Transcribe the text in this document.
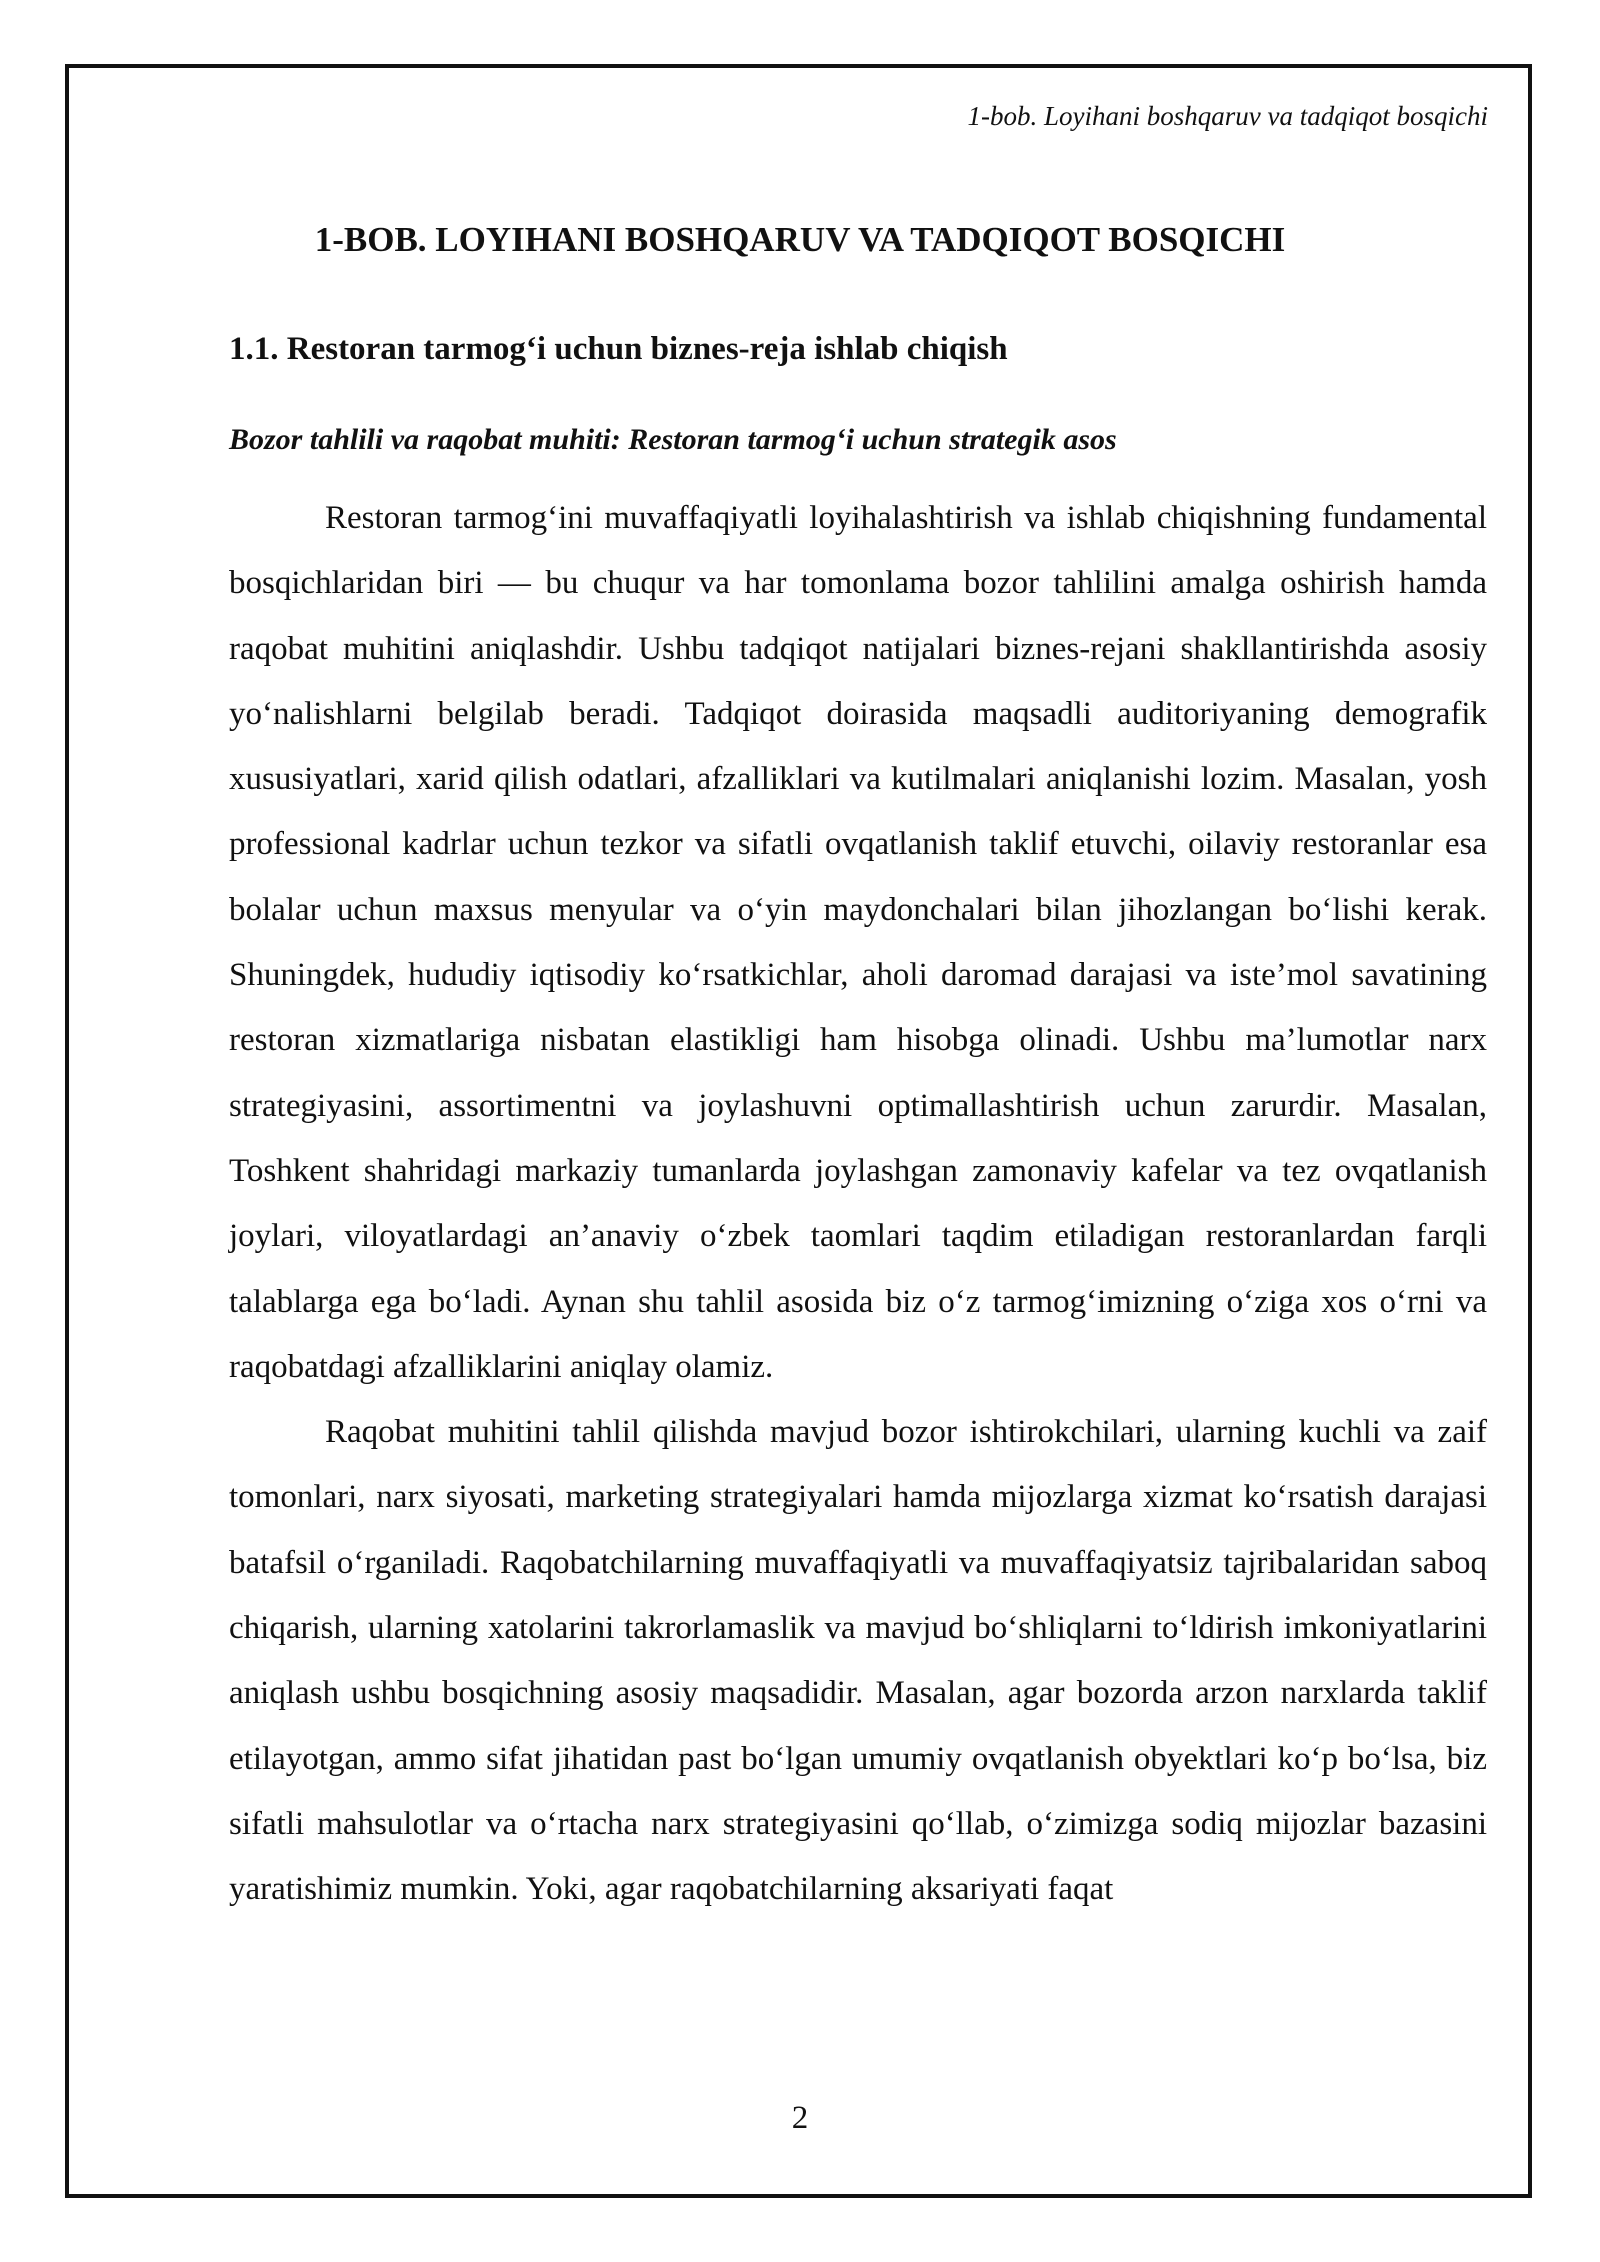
1-bob. Loyihani boshqaruv va tadqiqot bosqichi
1-BOB. LOYIHANI BOSHQARUV VA TADQIQOT BOSQICHI
1.1. Restoran tarmog‘i uchun biznes-reja ishlab chiqish
Bozor tahlili va raqobat muhiti: Restoran tarmog‘i uchun strategik asos

Restoran tarmog‘ini muvaffaqiyatli loyihalashtirish va ishlab chiqishning fundamental bosqichlaridan biri — bu chuqur va har tomonlama bozor tahlilini amalga oshirish hamda raqobat muhitini aniqlashdir. Ushbu tadqiqot natijalari biznes-rejani shakllantirishda asosiy yo‘nalishlarni belgilab beradi. Tadqiqot doirasida maqsadli auditoriyaning demografik xususiyatlari, xarid qilish odatlari, afzalliklari va kutilmalari aniqlanishi lozim. Masalan, yosh professional kadrlar uchun tezkor va sifatli ovqatlanish taklif etuvchi, oilaviy restoranlar esa bolalar uchun maxsus menyular va o‘yin maydonchalari bilan jihozlangan bo‘lishi kerak. Shuningdek, hududiy iqtisodiy ko‘rsatkichlar, aholi daromad darajasi va iste’mol savatining restoran xizmatlariga nisbatan elastikligi ham hisobga olinadi. Ushbu ma’lumotlar narx strategiyasini, assortimentni va joylashuvni optimallashtirish uchun zarurdir. Masalan, Toshkent shahridagi markaziy tumanlarda joylashgan zamonaviy kafelar va tez ovqatlanish joylari, viloyatlardagi an’anaviy o‘zbek taomlari taqdim etiladigan restoranlardan farqli talablarga ega bo‘ladi. Aynan shu tahlil asosida biz o‘z tarmog‘imizning o‘ziga xos o‘rni va raqobatdagi afzalliklarini aniqlay olamiz.

Raqobat muhitini tahlil qilishda mavjud bozor ishtirokchilari, ularning kuchli va zaif tomonlari, narx siyosati, marketing strategiyalari hamda mijozlarga xizmat ko‘rsatish darajasi batafsil o‘rganiladi. Raqobatchilarning muvaffaqiyatli va muvaffaqiyatsiz tajribalaridan saboq chiqarish, ularning xatolarini takrorlamaslik va mavjud bo‘shliqlarni to‘ldirish imkoniyatlarini aniqlash ushbu bosqichning asosiy maqsadidir. Masalan, agar bozorda arzon narxlarda taklif etilayotgan, ammo sifat jihatidan past bo‘lgan umumiy ovqatlanish obyektlari ko‘p bo‘lsa, biz sifatli mahsulotlar va o‘rtacha narx strategiyasini qo‘llab, o‘zimizga sodiq mijozlar bazasini yaratishimiz mumkin. Yoki, agar raqobatchilarning aksariyati faqat

2
